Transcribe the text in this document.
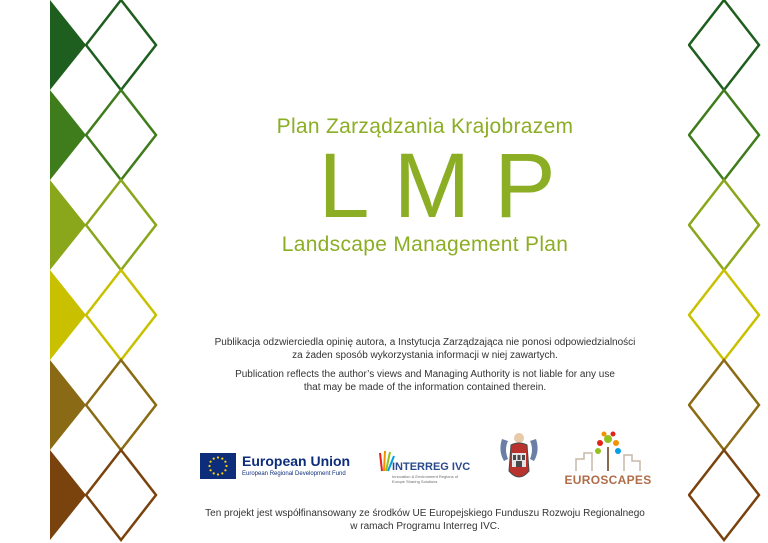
Plan Zarządzania Krajobrazem
LMP
Landscape Management Plan
Publikacja odzwierciedla opinię autora, a Instytucja Zarządzająca nie ponosi odpowiedzialności
za żaden sposób wykorzystania informacji w niej zawartych.
Publication reflects the author’s views and Managing Authority is not liable for any use
that may be made of the information contained therein.
European Union
European Regional Development Fund
INTERREG IVC
Innovation & Environment Regions of Europe Sharing Solutions	EUROSCAPES
Ten projekt jest współfinansowany ze środków UE Europejskiego Funduszu Rozwoju Regionalnego
w ramach Programu Interreg IVC.
